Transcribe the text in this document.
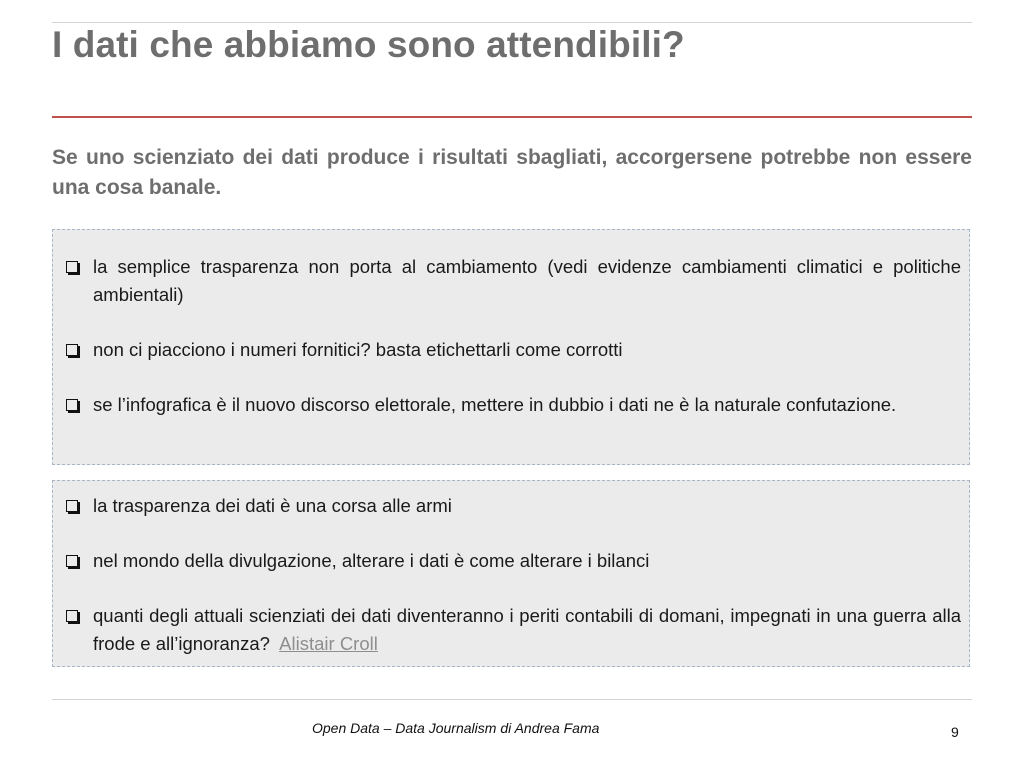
I dati che abbiamo sono attendibili?

Se uno scienziato dei dati produce i risultati sbagliati, accorgersene potrebbe non essere una cosa banale.

la semplice trasparenza non porta al cambiamento (vedi evidenze cambiamenti climatici e politiche ambientali)
non ci piacciono i numeri fornitici? basta etichettarli come corrotti
se l’infografica è il nuovo discorso elettorale, mettere in dubbio i dati ne è la naturale confutazione.
la trasparenza dei dati è una corsa alle armi
nel mondo della divulgazione, alterare i dati è come alterare i bilanci
quanti degli attuali scienziati dei dati diventeranno i periti contabili di domani, impegnati in una guerra alla frode e all’ignoranza? Alistair Croll
Open Data – Data Journalism di Andrea Fama	9
